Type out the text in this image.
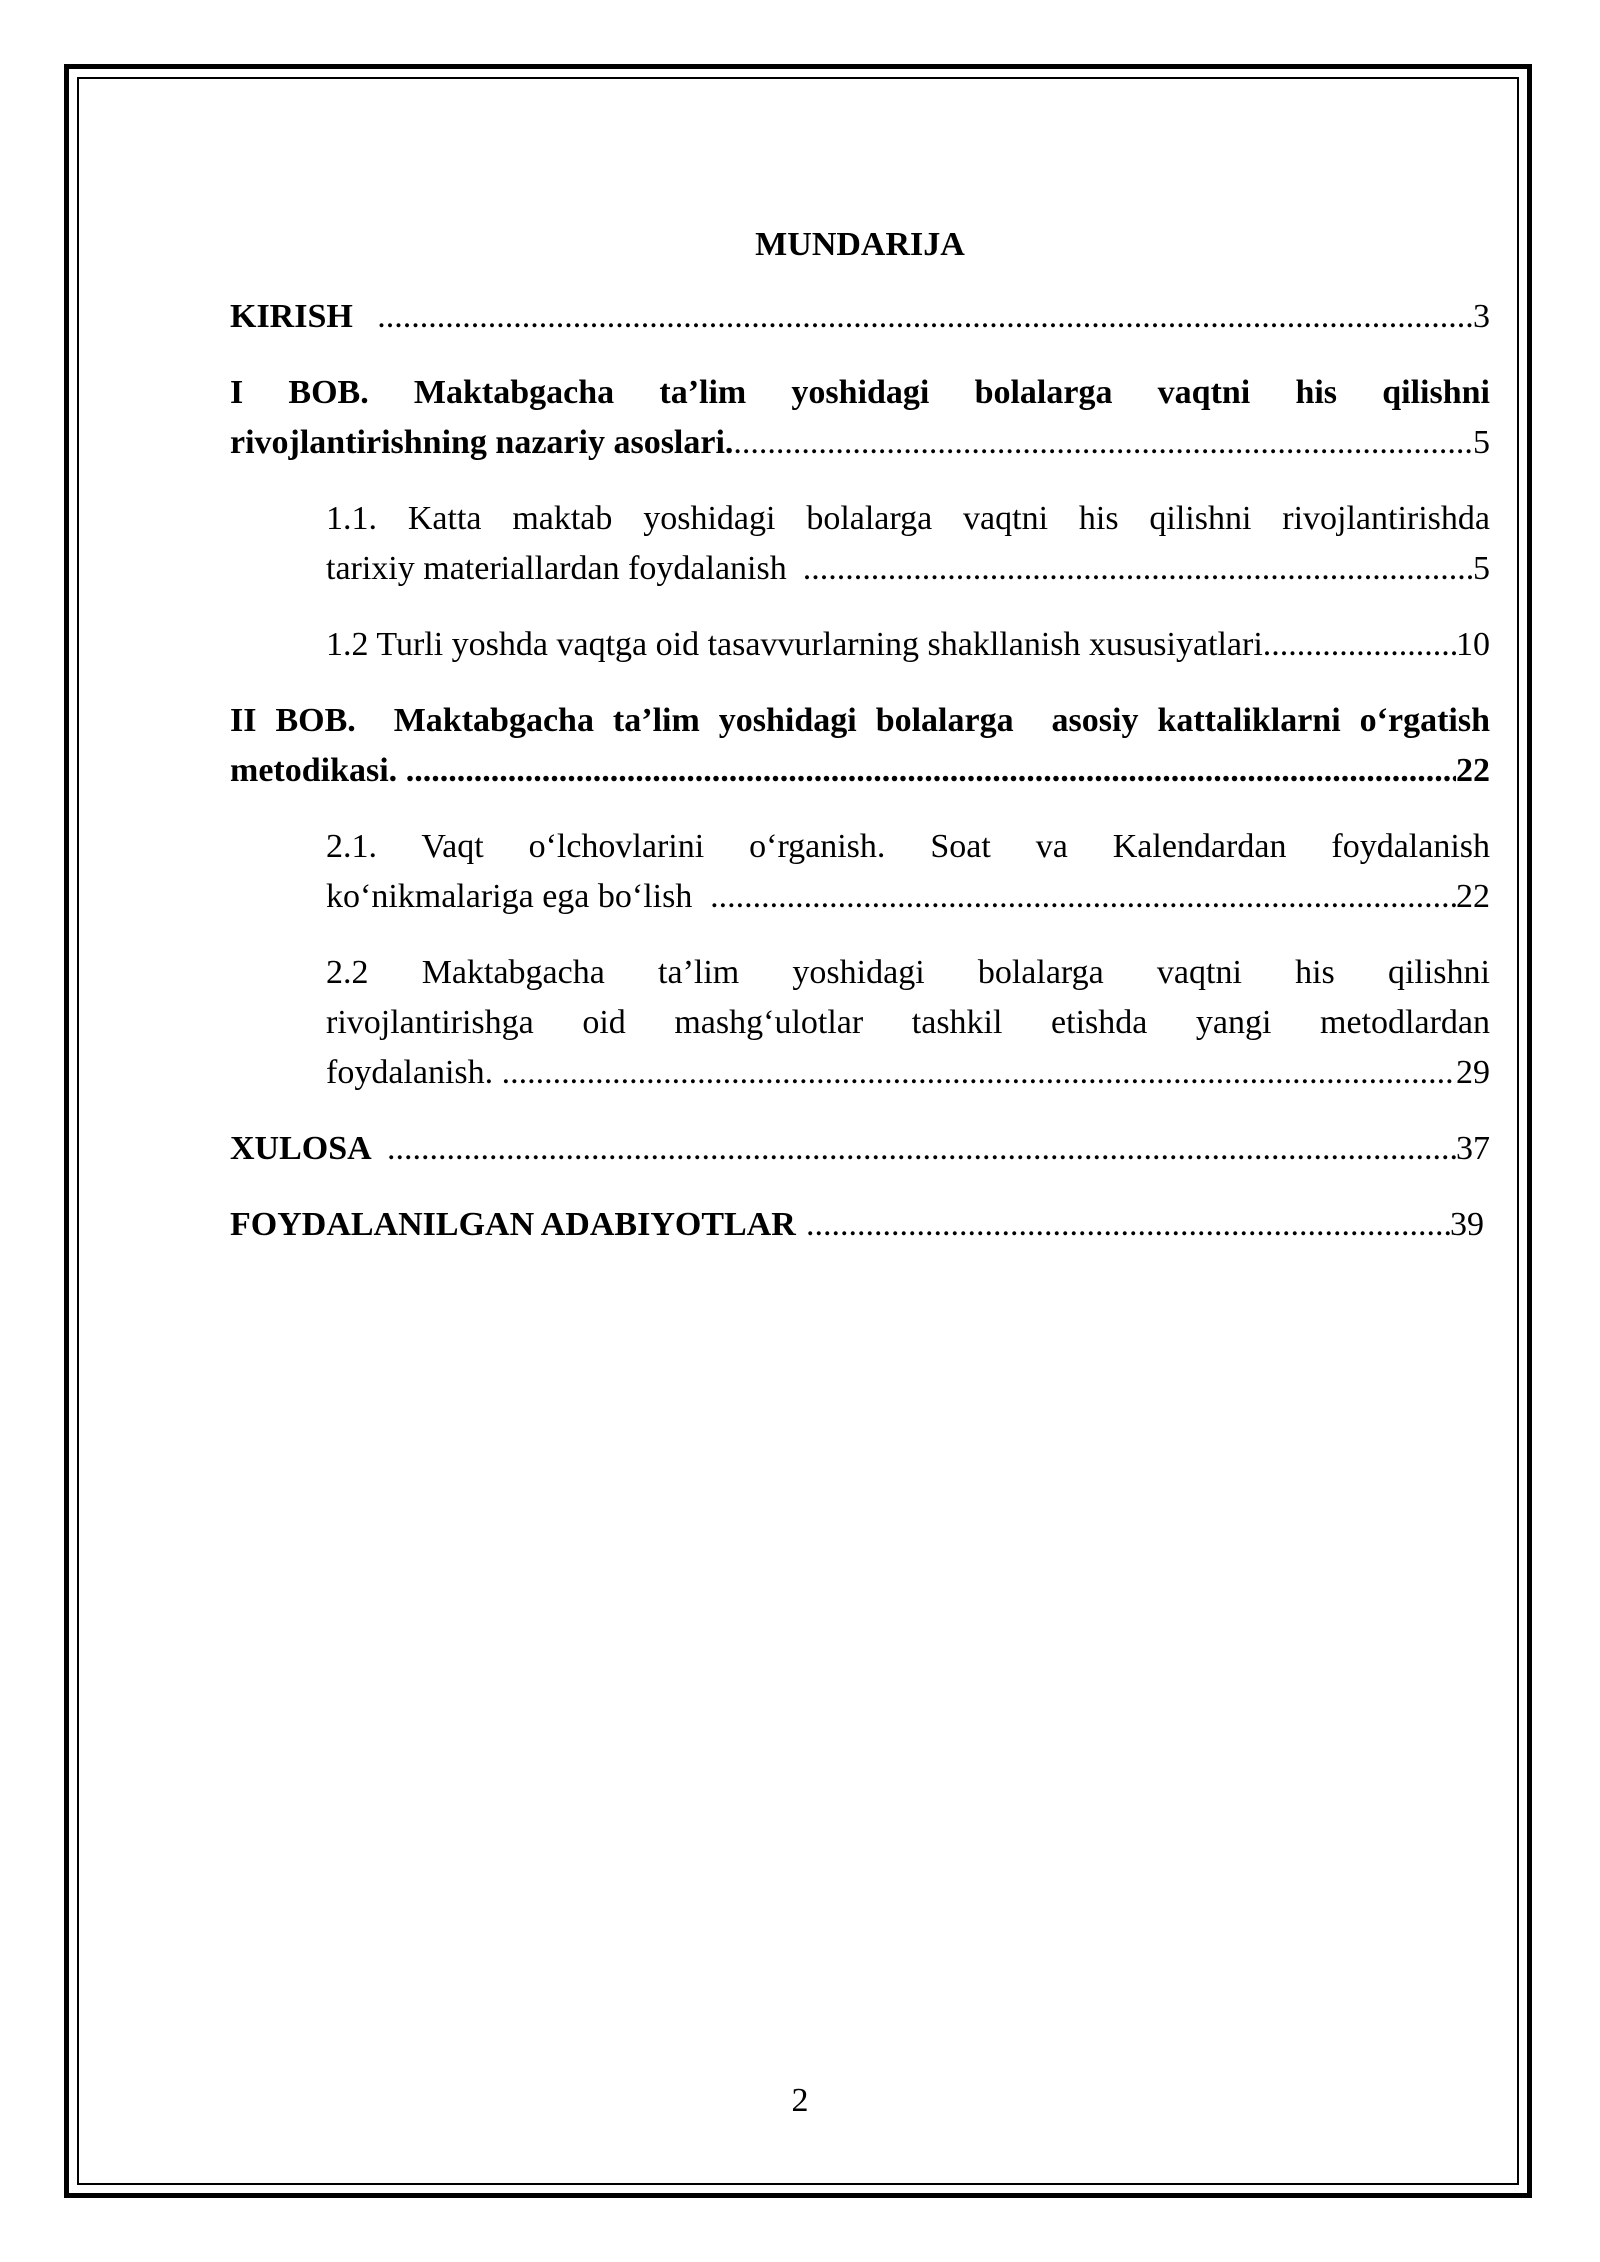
MUNDARIJA
KIRISH .....	3
I BOB. Maktabgacha ta’lim yoshidagi bolalarga vaqtni his qilishni
rivojlantirishning nazariy asoslari. .....	5
1.1. Katta maktab yoshidagi bolalarga vaqtni his qilishni rivojlantirishda
tarixiy materiallardan foydalanish .....	5
1.2 Turli yoshda vaqtga oid tasavvurlarning shakllanish xususiyatlari .....	10
II BOB.  Maktabgacha ta’lim yoshidagi bolalarga  asosiy kattaliklarni o‘rgatish
metodikasi. .....	22
2.1. Vaqt o‘lchovlarini o‘rganish. Soat va Kalendardan foydalanish
ko‘nikmalariga ega bo‘lish .....	22
2.2 Maktabgacha ta’lim yoshidagi bolalarga vaqtni his qilishni
rivojlantirishga oid mashg‘ulotlar tashkil etishda yangi metodlardan
foydalanish. .....	29
XULOSA .....	37
FOYDALANILGAN ADABIYOTLAR .....	39
2
